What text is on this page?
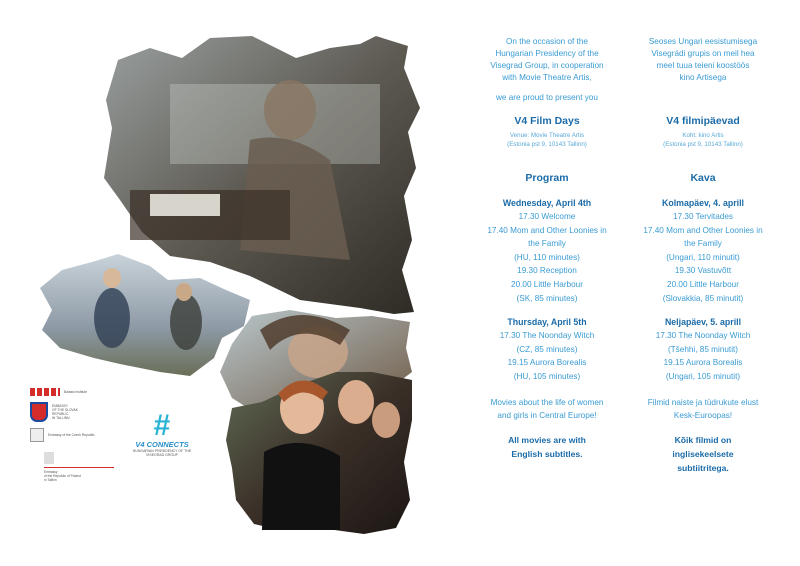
Balassi Institute
EMBASSY
OF THE SLOVAK REPUBLIC
IN TALLINN
Embassy of the Czech Republic
Embassy
of the Republic of Poland
in Tallinn
#
V4 CONNECTS
HUNGARIAN PRESIDENCY OF THE
VISEGRAD GROUP

On the occasion of the

Hungarian Presidency of the

Visegrad Group, in cooperation

with Movie Theatre Artis,

we are proud to present you

V4 Film Days

Venue: Movie Theatre Artis
(Estonia pst 9, 10143 Tallinn)

Program

Wednesday, April 4th

17.30 Welcome

17.40 Mom and Other Loonies in

the Family

(HU, 110 minutes)

19.30 Reception

20.00 Little Harbour

(SK, 85 minutes)

Thursday, April 5th

17.30 The Noonday Witch

(CZ, 85 minutes)

19.15 Aurora Borealis

(HU, 105 minutes)

Movies about the life of women

and girls in Central Europe!

All movies are with

English subtitles.

Seoses Ungari eesistumisega

Visegrádi grupis on meil hea

meel tuua teieni koostöös

kino Artisega

V4 filmipäevad

Koht: kino Artis
(Estonia pst 9, 10143 Tallinn)

Kava

Kolmapäev, 4. aprill

17.30 Tervitades

17.40 Mom and Other Loonies in

the Family

(Ungari, 110 minutit)

19.30 Vastuvõtt

20.00 Little Harbour

(Slovakkia, 85 minutit)

Neljapäev, 5. aprill

17.30 The Noonday Witch

(Tšehhi, 85 minutit)

19.15 Aurora Borealis

(Ungari, 105 minutit)

Filmid naiste ja tüdrukute elust

Kesk-Euroopas!

Kõik filmid on

inglisekeelsete

subtiitritega.
